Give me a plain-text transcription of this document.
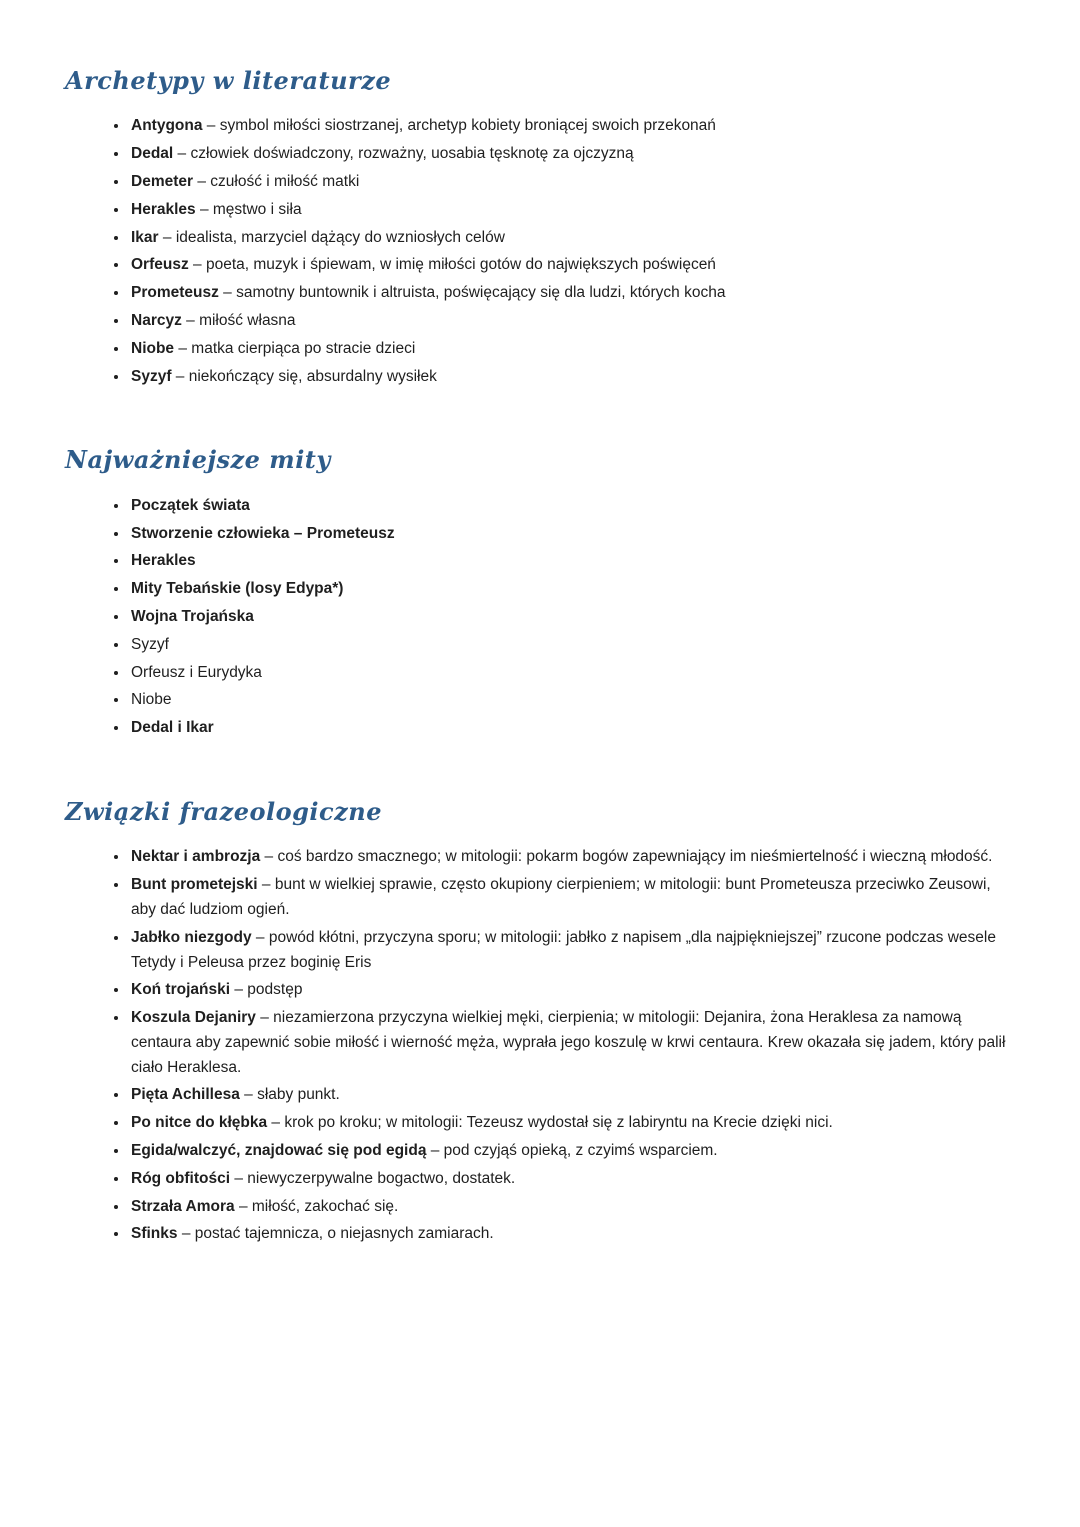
Archetypy w literaturze
• Antygona – symbol miłości siostrzanej, archetyp kobiety broniącej swoich przekonań
• Dedal – człowiek doświadczony, rozważny, uosabia tęsknotę za ojczyzną
• Demeter – czułość i miłość matki
• Herakles – męstwo i siła
• Ikar – idealista, marzyciel dążący do wzniosłych celów
• Orfeusz – poeta, muzyk i śpiewam, w imię miłości gotów do największych poświęceń
• Prometeusz – samotny buntownik i altruista, poświęcający się dla ludzi, których kocha
• Narcyz – miłość własna
• Niobe – matka cierpiąca po stracie dzieci
• Syzyf – niekończący się, absurdalny wysiłek
Najważniejsze mity
• Początek świata
• Stworzenie człowieka – Prometeusz
• Herakles
• Mity Tebańskie (losy Edypa*)
• Wojna Trojańska
• Syzyf
• Orfeusz i Eurydyka
• Niobe
• Dedal i Ikar
Związki frazeologiczne
• Nektar i ambrozja – coś bardzo smacznego; w mitologii: pokarm bogów zapewniający im nieśmiertelność i wieczną młodość.
• Bunt prometejski – bunt w wielkiej sprawie, często okupiony cierpieniem; w mitologii: bunt Prometeusza przeciwko Zeusowi, aby dać ludziom ogień.
• Jabłko niezgody – powód kłótni, przyczyna sporu; w mitologii: jabłko z napisem „dla najpiękniejszej” rzucone podczas wesele Tetydy i Peleusa przez boginię Eris
• Koń trojański – podstęp
• Koszula Dejaniry – niezamierzona przyczyna wielkiej męki, cierpienia; w mitologii: Dejanira, żona Heraklesa za namową centaura aby zapewnić sobie miłość i wierność męża, wyprała jego koszulę w krwi centaura. Krew okazała się jadem, który palił ciało Heraklesa.
• Pięta Achillesa – słaby punkt.
• Po nitce do kłębka – krok po kroku; w mitologii: Tezeusz wydostał się z labiryntu na Krecie dzięki nici.
• Egida/walczyć, znajdować się pod egidą – pod czyjąś opieką, z czyimś wsparciem.
• Róg obfitości – niewyczerpywalne bogactwo, dostatek.
• Strzała Amora – miłość, zakochać się.
• Sfinks – postać tajemnicza, o niejasnych zamiarach.
